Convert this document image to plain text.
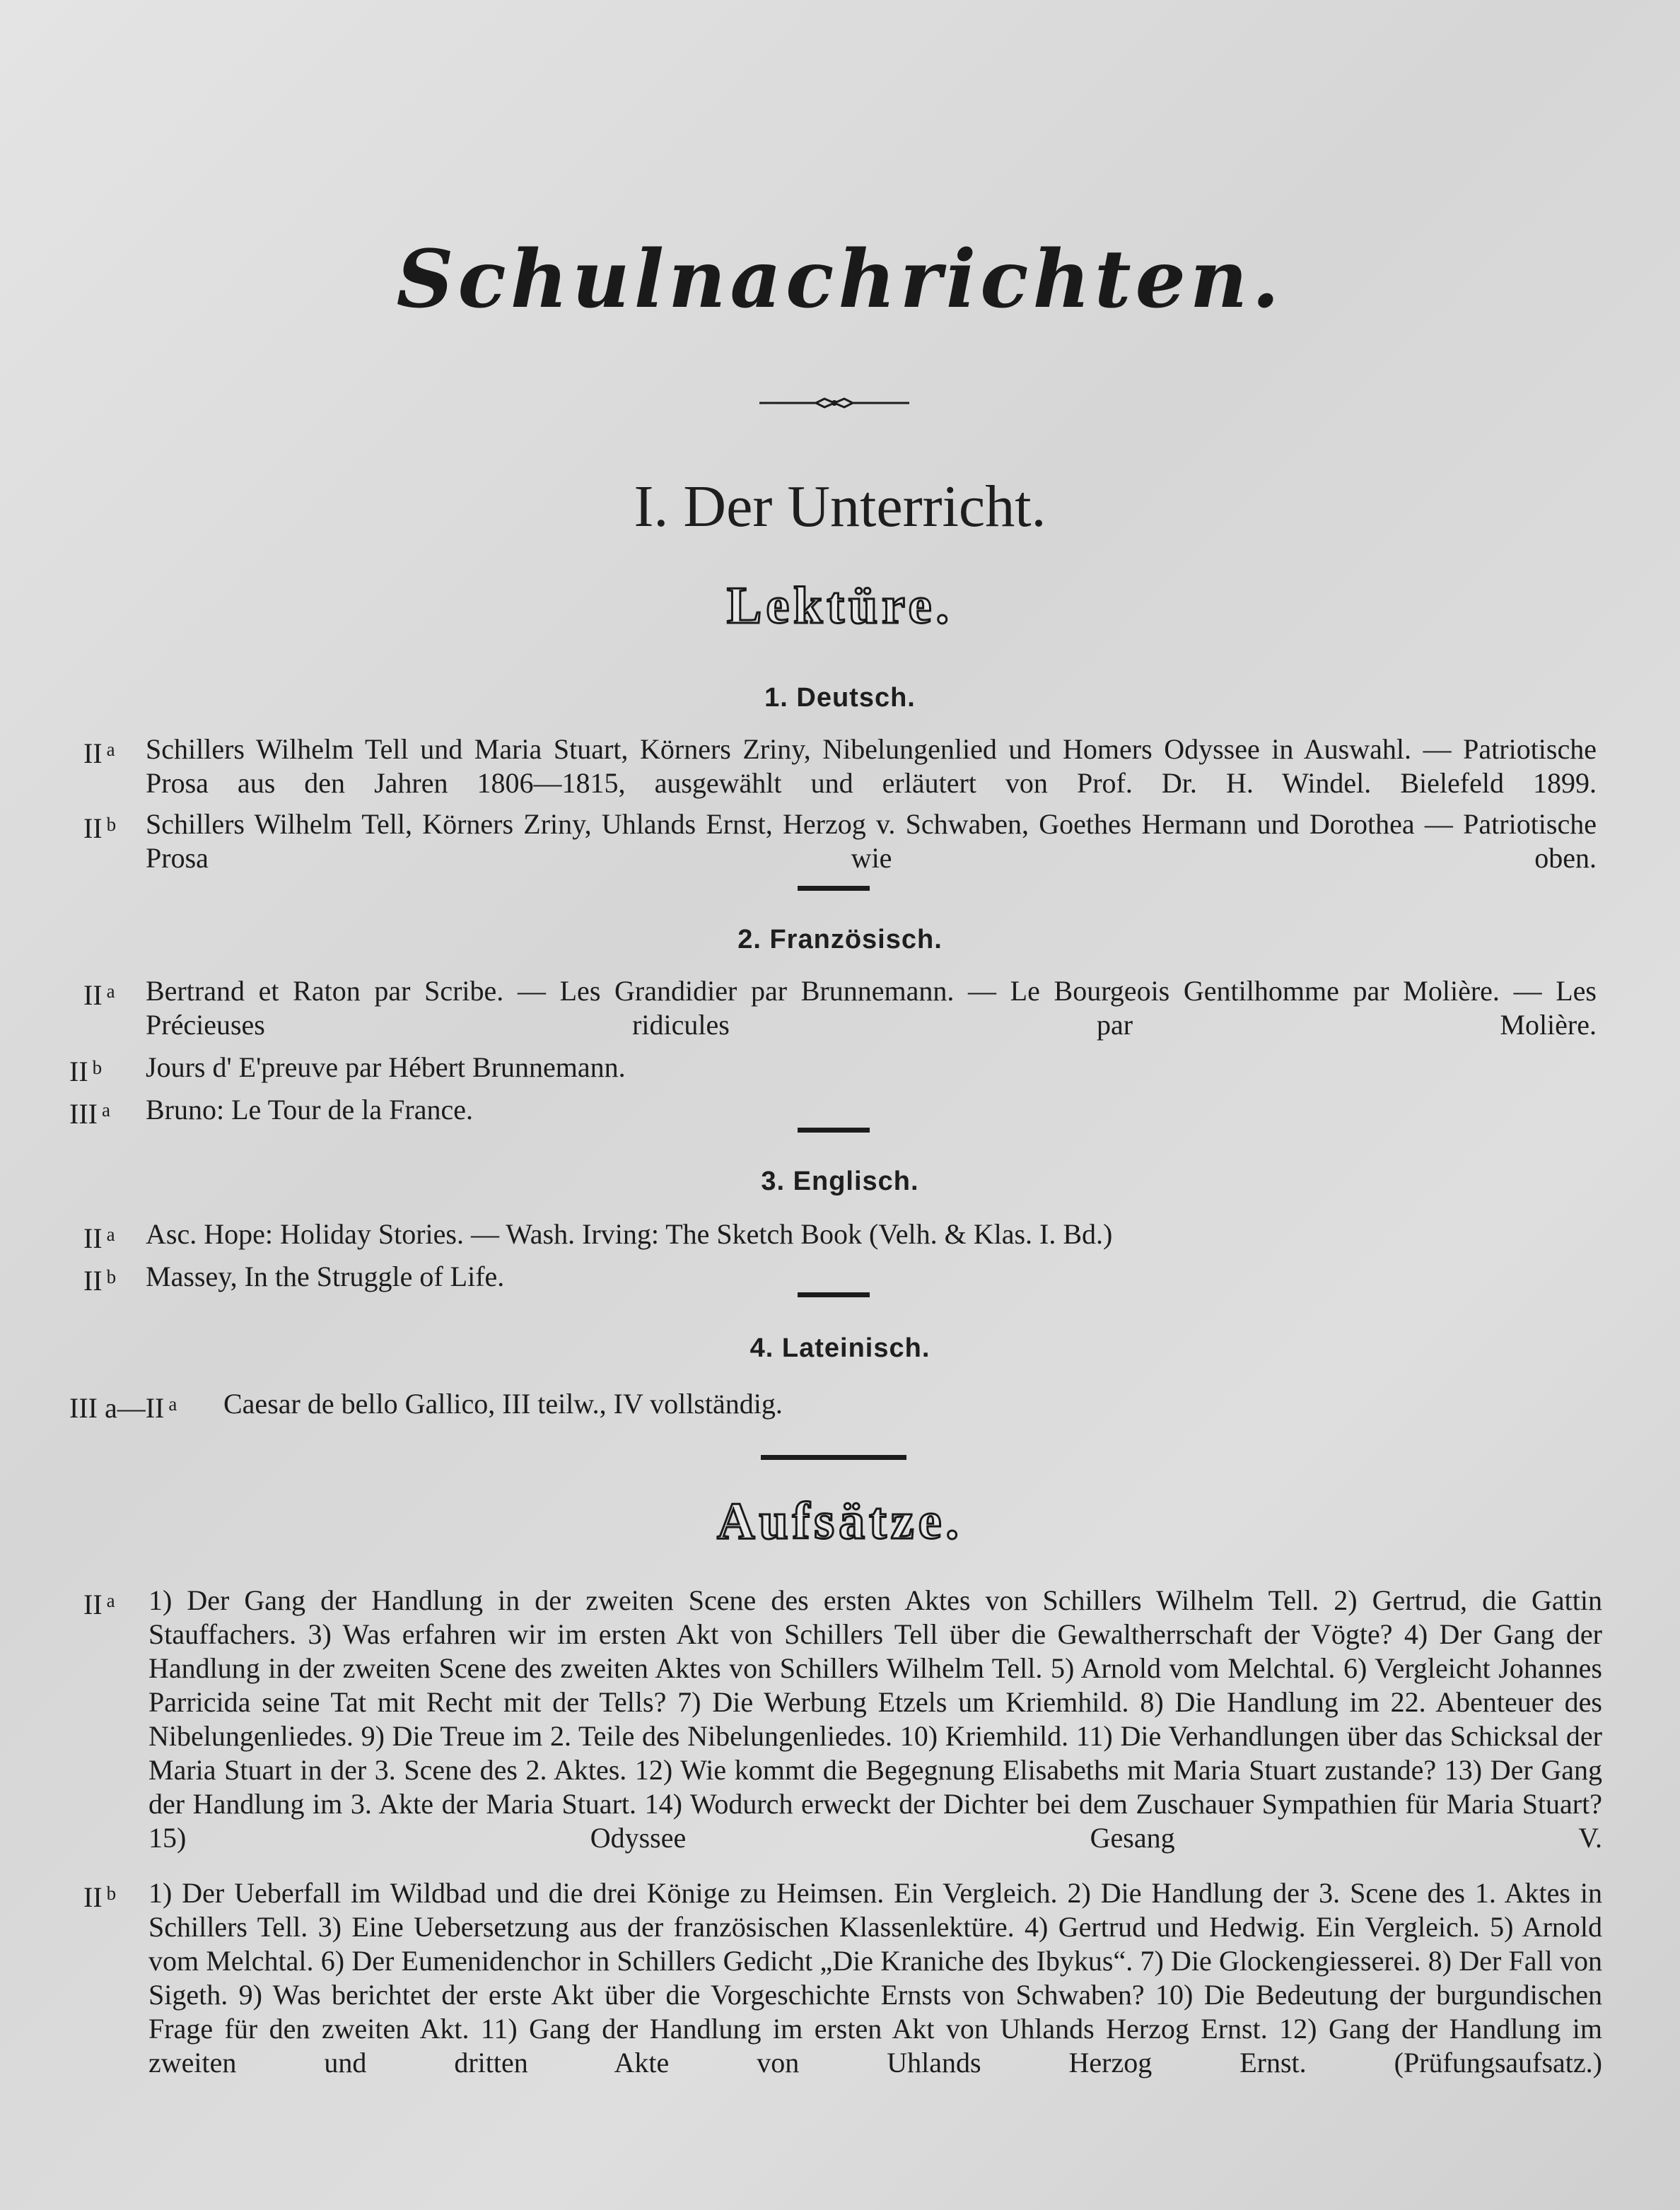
Schulnachrichten.
I. Der Unterricht.
Lektüre.
1. Deutsch.
II $^a$ Schillers Wilhelm Tell und Maria Stuart, Körners Zriny, Nibelungenlied und Homers Odyssee in Auswahl. — Patriotische Prosa aus den Jahren 1806—1815, ausgewählt und erläutert von Prof. Dr. H. Windel. Bielefeld 1899.
II $^b$ Schillers Wilhelm Tell, Körners Zriny, Uhlands Ernst, Herzog v. Schwaben, Goethes Hermann und Dorothea — Patriotische Prosa wie oben.
2. Französisch.
II $^a$ Bertrand et Raton par Scribe. — Les Grandidier par Brunnemann. — Le Bourgeois Gentilhomme par Molière. — Les Précieuses ridicules par Molière.
II $^b$ Jours d' E'preuve par Hébert Brunnemann.
III $^a$ Bruno: Le Tour de la France.
3. Englisch.
II $^a$ Asc. Hope: Holiday Stories. — Wash. Irving: The Sketch Book (Velh. & Klas. I. Bd.)
II $^b$ Massey, In the Struggle of Life.
4. Lateinisch.
III a—II $^a$ Caesar de bello Gallico, III teilw., IV vollständig.
Aufsätze.
II $^a$ 1) Der Gang der Handlung in der zweiten Scene des ersten Aktes von Schillers Wilhelm Tell. 2) Gertrud, die Gattin Stauffachers. 3) Was erfahren wir im ersten Akt von Schillers Tell über die Gewaltherrschaft der Vögte? 4) Der Gang der Handlung in der zweiten Scene des zweiten Aktes von Schillers Wilhelm Tell. 5) Arnold vom Melchtal. 6) Vergleicht Johannes Parricida seine Tat mit Recht mit der Tells? 7) Die Werbung Etzels um Kriemhild. 8) Die Handlung im 22. Abenteuer des Nibelungenliedes. 9) Die Treue im 2. Teile des Nibelungenliedes. 10) Kriemhild. 11) Die Verhandlungen über das Schicksal der Maria Stuart in der 3. Scene des 2. Aktes. 12) Wie kommt die Begegnung Elisabeths mit Maria Stuart zustande? 13) Der Gang der Handlung im 3. Akte der Maria Stuart. 14) Wodurch erweckt der Dichter bei dem Zuschauer Sympathien für Maria Stuart? 15) Odyssee Gesang V.
II $^b$ 1) Der Ueberfall im Wildbad und die drei Könige zu Heimsen. Ein Vergleich. 2) Die Handlung der 3. Scene des 1. Aktes in Schillers Tell. 3) Eine Uebersetzung aus der französischen Klassenlektüre. 4) Gertrud und Hedwig. Ein Vergleich. 5) Arnold vom Melchtal. 6) Der Eumenidenchor in Schillers Gedicht „Die Kraniche des Ibykus“. 7) Die Glockengiesserei. 8) Der Fall von Sigeth. 9) Was berichtet der erste Akt über die Vorgeschichte Ernsts von Schwaben? 10) Die Bedeutung der burgundischen Frage für den zweiten Akt. 11) Gang der Handlung im ersten Akt von Uhlands Herzog Ernst. 12) Gang der Handlung im zweiten und dritten Akte von Uhlands Herzog Ernst. (Prüfungsaufsatz.)
